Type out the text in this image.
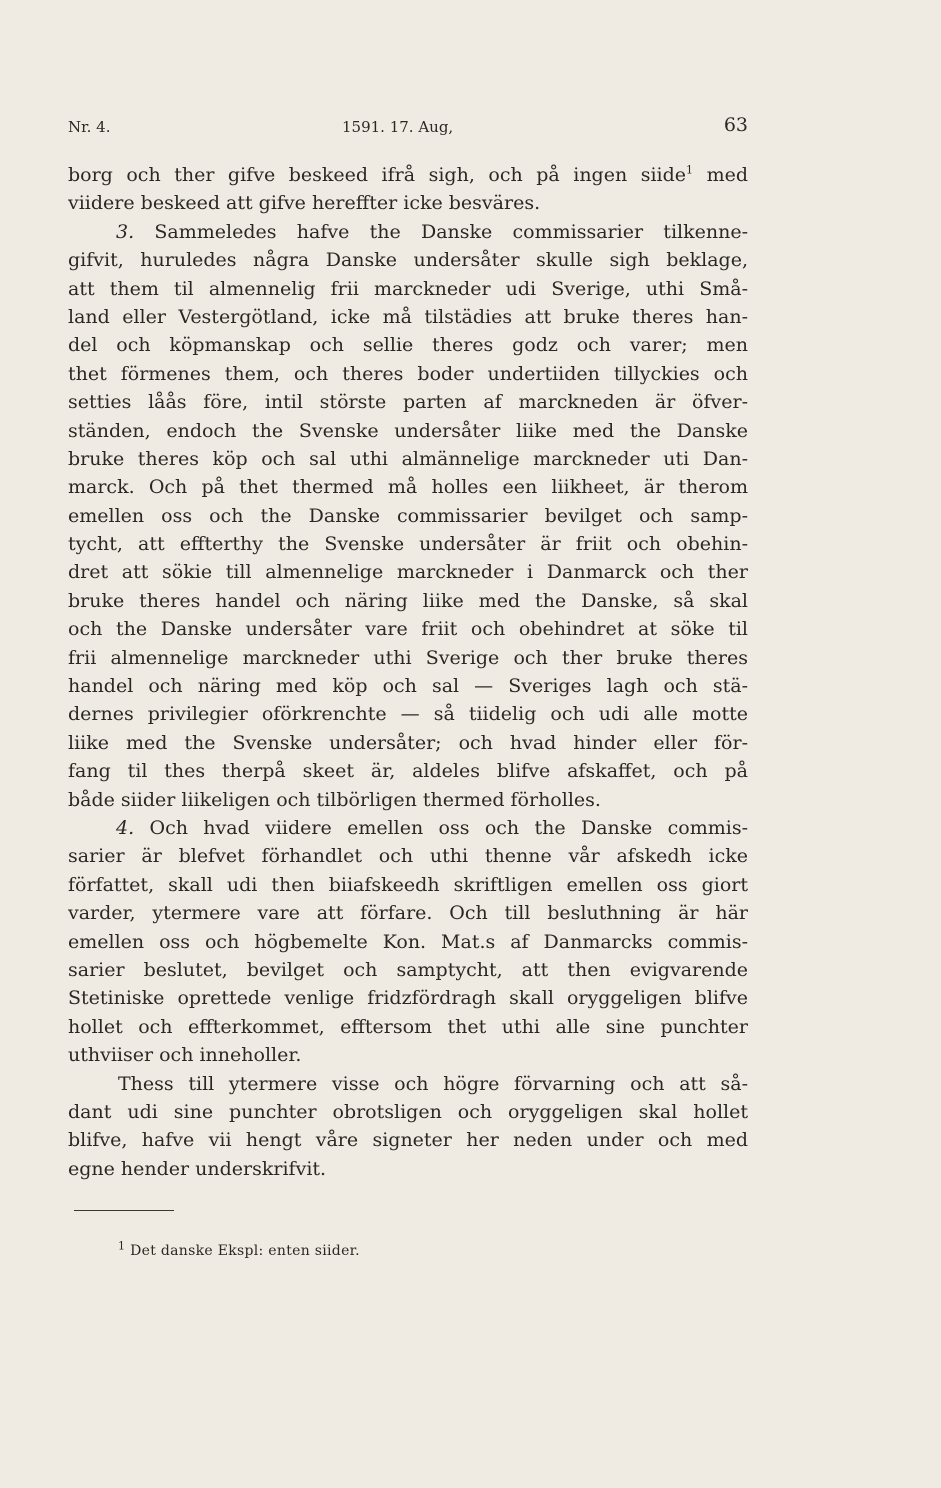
Nr. 4.	1591. 17. Aug,	63
borg och ther gifve beskeed ifrå sigh, och på ingen siide$^1$ med
viidere beskeed att gifve hereffter icke besväres.
3. Sammeledes hafve the Danske commissarier tilkenne-
gifvit, huruledes några Danske undersåter skulle sigh beklage,
att them til almennelig frii marckneder udi Sverige, uthi Små-
land eller Vestergötland, icke må tilstädies att bruke theres han-
del och köpmanskap och sellie theres godz och varer; men
thet förmenes them, och theres boder undertiiden tillyckies och
setties låås före, intil störste parten af marckneden är öfver-
ständen, endoch the Svenske undersåter liike med the Danske
bruke theres köp och sal uthi almännelige marckneder uti Dan-
marck. Och på thet thermed må holles een liikheet, är therom
emellen oss och the Danske commissarier bevilget och samp-
tycht, att effterthy the Svenske undersåter är friit och obehin-
dret att sökie till almennelige marckneder i Danmarck och ther
bruke theres handel och näring liike med the Danske, så skal
och the Danske undersåter vare friit och obehindret at söke til
frii almennelige marckneder uthi Sverige och ther bruke theres
handel och näring med köp och sal — Sveriges lagh och stä-
dernes privilegier oförkrenchte — så tiidelig och udi alle motte
liike med the Svenske undersåter; och hvad hinder eller för-
fang til thes therpå skeet är, aldeles blifve afskaffet, och på
både siider liikeligen och tilbörligen thermed förholles.
4. Och hvad viidere emellen oss och the Danske commis-
sarier är blefvet förhandlet och uthi thenne vår afskedh icke
författet, skall udi then biiafskeedh skriftligen emellen oss giort
varder, ytermere vare att förfare. Och till besluthning är här
emellen oss och högbemelte Kon. Mat.s af Danmarcks commis-
sarier beslutet, bevilget och samptycht, att then evigvarende
Stetiniske oprettede venlige fridzfördragh skall oryggeligen blifve
hollet och effterkommet, efftersom thet uthi alle sine punchter
uthviiser och inneholler.
Thess till ytermere visse och högre förvarning och att så-
dant udi sine punchter obrotsligen och oryggeligen skal hollet
blifve, hafve vii hengt våre signeter her neden under och med
egne hender underskrifvit.
$^1$ Det danske Ekspl: enten siider.
